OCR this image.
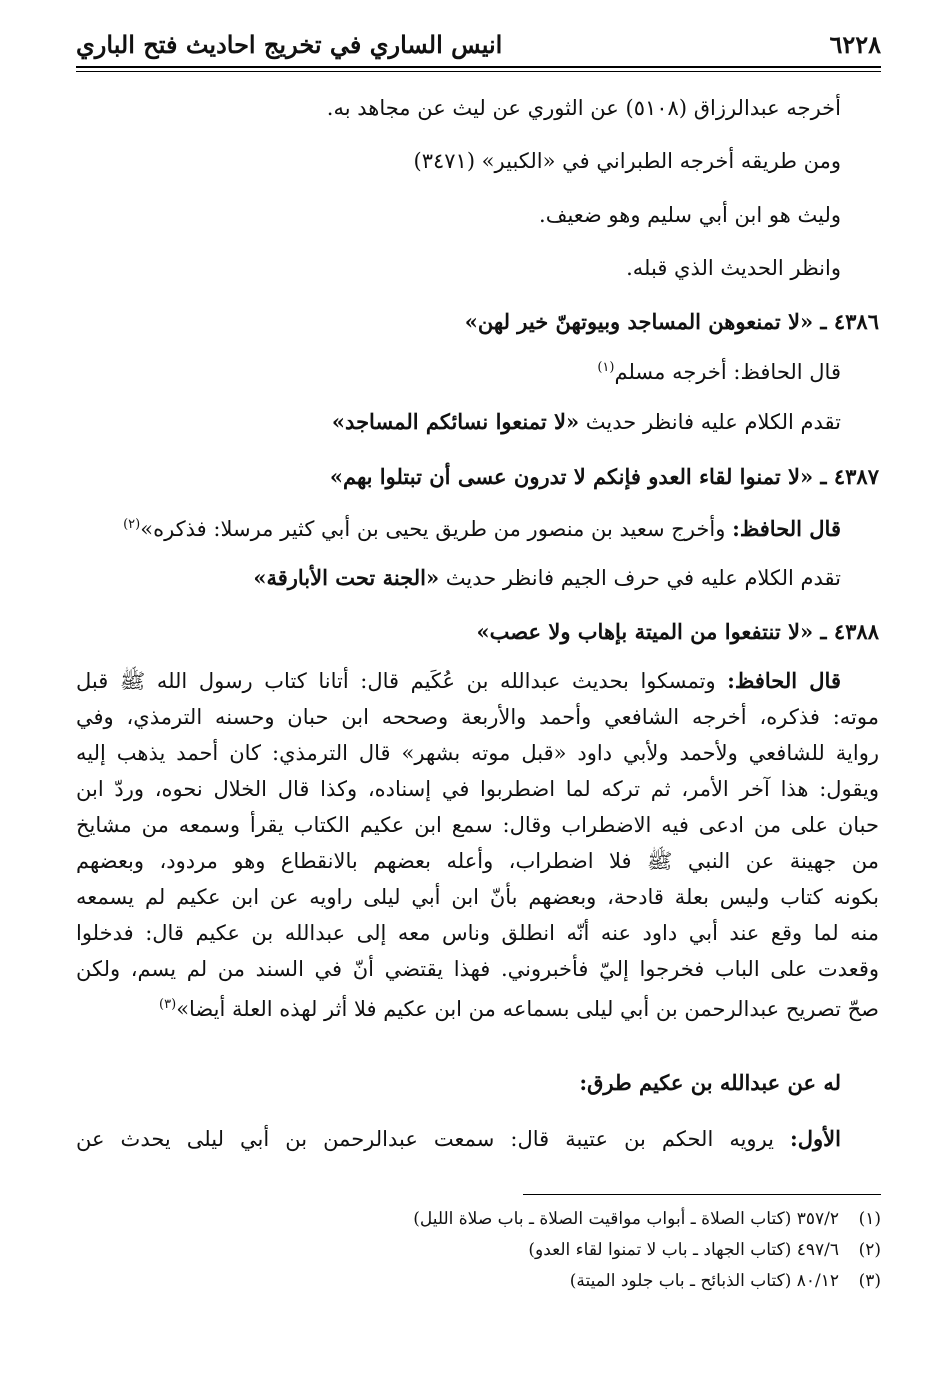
٦٢٢٨
انيس الساري في تخريج احاديث فتح الباري
أخرجه عبدالرزاق (٥١٠٨) عن الثوري عن ليث عن مجاهد به.
ومن طريقه أخرجه الطبراني في «الكبير» (٣٤٧١)
وليث هو ابن أبي سليم وهو ضعيف.
وانظر الحديث الذي قبله.
٤٣٨٦ ـ «لا تمنعوهن المساجد وبيوتهنّ خير لهن»
قال الحافظ: أخرجه مسلم$^{(١)}$
تقدم الكلام عليه فانظر حديث «لا تمنعوا نسائكم المساجد»
٤٣٨٧ ـ «لا تمنوا لقاء العدو فإنكم لا تدرون عسى أن تبتلوا بهم»
قال الحافظ: وأخرج سعيد بن منصور من طريق يحيى بن أبي كثير مرسلا: فذكره»$^{(٢)}$
تقدم الكلام عليه في حرف الجيم فانظر حديث «الجنة تحت الأبارقة»
٤٣٨٨ ـ «لا تنتفعوا من الميتة بإهاب ولا عصب»
قال الحافظ: وتمسكوا بحديث عبدالله بن عُكَيم قال: أتانا كتاب رسول الله ﷺ قبل
موته: فذكره، أخرجه الشافعي وأحمد والأربعة وصححه ابن حبان وحسنه الترمذي، وفي
رواية للشافعي ولأحمد ولأبي داود «قبل موته بشهر» قال الترمذي: كان أحمد يذهب إليه
ويقول: هذا آخر الأمر، ثم تركه لما اضطربوا في إسناده، وكذا قال الخلال نحوه، وردّ ابن
حبان على من ادعى فيه الاضطراب وقال: سمع ابن عكيم الكتاب يقرأ وسمعه من مشايخ
من جهينة عن النبي ﷺ فلا اضطراب، وأعله بعضهم بالانقطاع وهو مردود، وبعضهم
بكونه كتاب وليس بعلة قادحة، وبعضهم بأنّ ابن أبي ليلى راويه عن ابن عكيم لم يسمعه
منه لما وقع عند أبي داود عنه أنّه انطلق وناس معه إلى عبدالله بن عكيم قال: فدخلوا
وقعدت على الباب فخرجوا إليّ فأخبروني. فهذا يقتضي أنّ في السند من لم يسم، ولكن
صحّ تصريح عبدالرحمن بن أبي ليلى بسماعه من ابن عكيم فلا أثر لهذه العلة أيضا»$^{(٣)}$
له عن عبدالله بن عكيم طرق:
الأول: يرويه الحكم بن عتيبة قال: سمعت عبدالرحمن بن أبي ليلى يحدث عن
(١)٣٥٧/٢ (كتاب الصلاة ـ أبواب مواقيت الصلاة ـ باب صلاة الليل)
(٢)٤٩٧/٦ (كتاب الجهاد ـ باب لا تمنوا لقاء العدو)
(٣)٨٠/١٢ (كتاب الذبائح ـ باب جلود الميتة)
